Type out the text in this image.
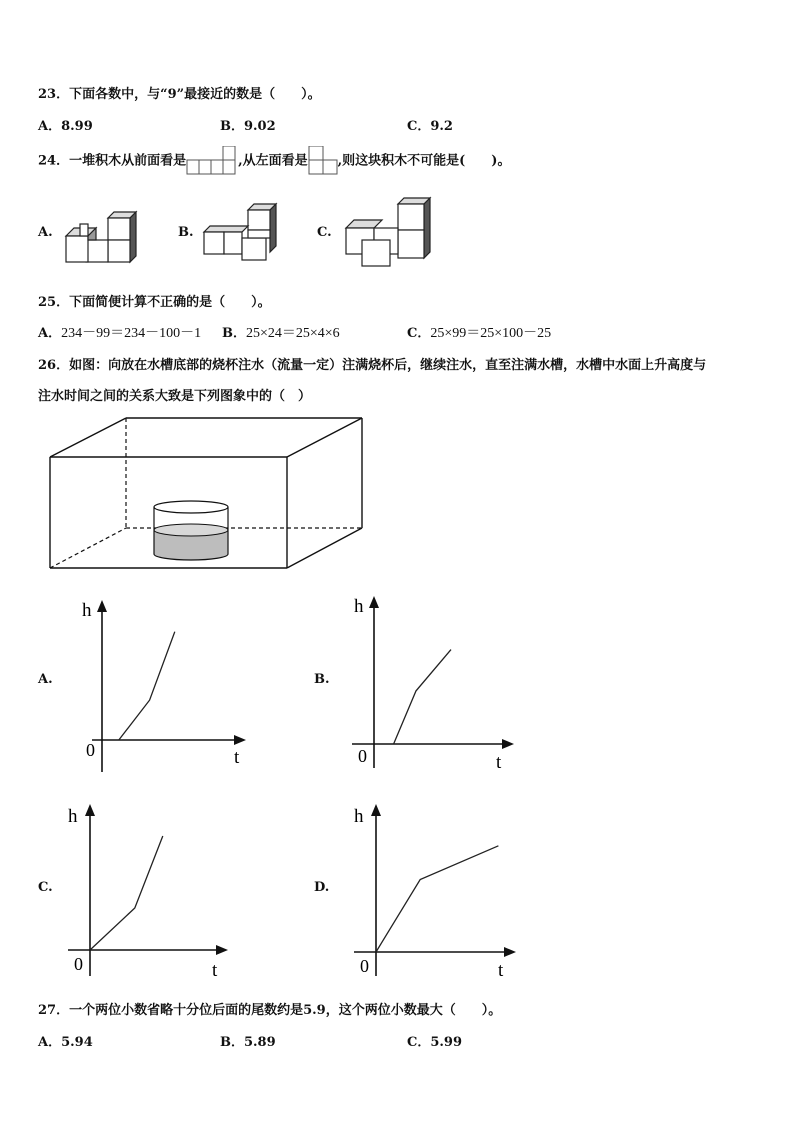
23．下面各数中，与“9”最接近的数是（　　）。
A．8.99	B．9.02	C．9.2
24．一堆积木从前面看是	,从左面看是 ,则这块积木不可能是(　　)。
A.	B.	C.
25．下面简便计算不正确的是（　　）。
A．234－99＝234－100－1 B．25×24＝25×4×6	C．25×99＝25×100－25
26．如图：向放在水槽底部的烧杯注水（流量一定）注满烧杯后，继续注水，直至注满水槽，水槽中水面上升高度与
注水时间之间的关系大致是下列图象中的（　）
A.	B.
C.	D.
h
t
0
h
t
0
h
t
0
h
t
0
27．一个两位小数省略十分位后面的尾数约是5.9，这个两位小数最大（　　）。
A．5.94	B．5.89	C．5.99
